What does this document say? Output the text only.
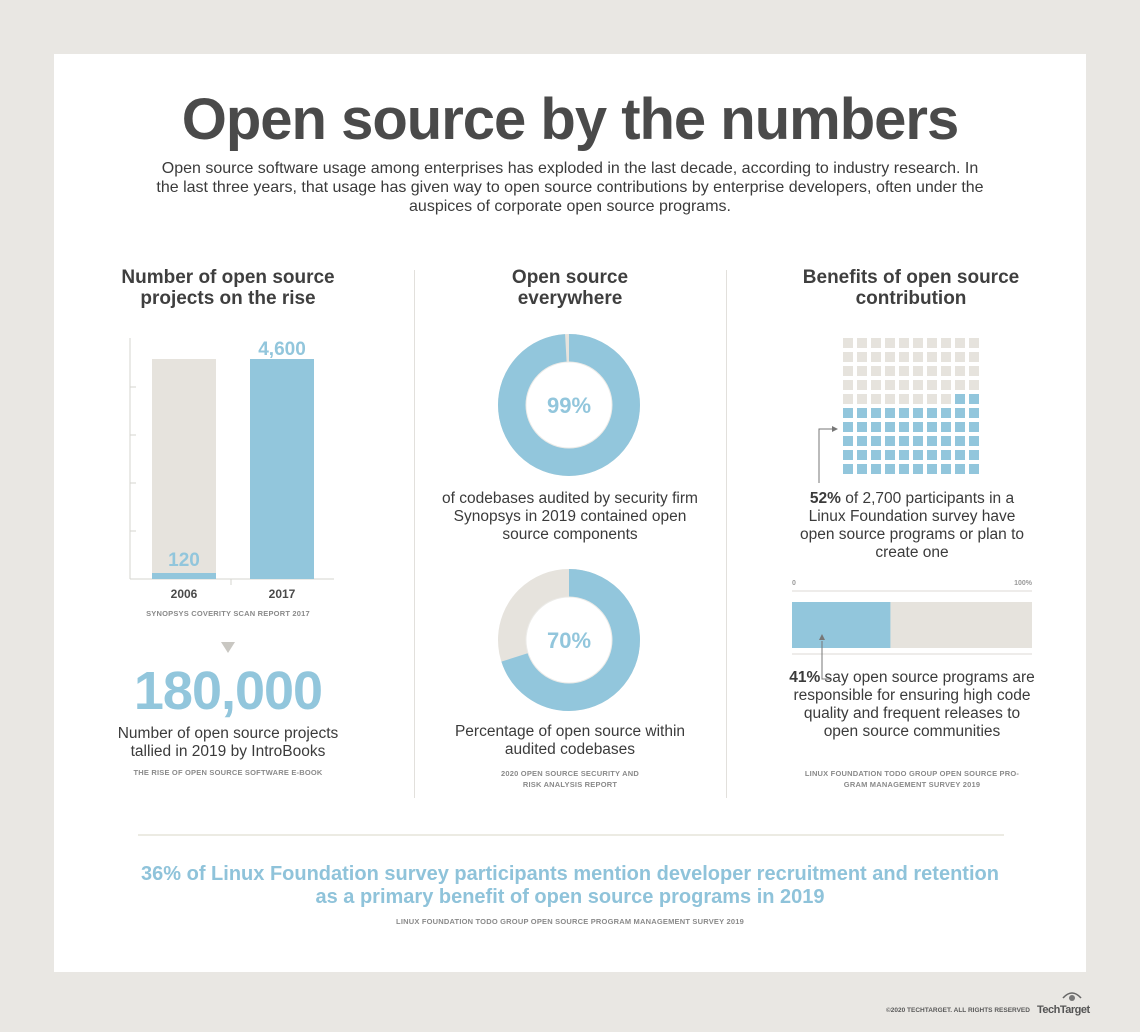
Open source by the numbers
Open source software usage among enterprises has exploded in the last decade, according to industry research. In the last three years, that usage has given way to open source contributions by enterprise developers, often under the auspices of corporate open source programs.
Number of open source projects on the rise
120
2006
4,600
2017
SYNOPSYS COVERITY SCAN REPORT 2017
180,000
Number of open source projects tallied in 2019 by IntroBooks
THE RISE OF OPEN SOURCE SOFTWARE E-BOOK
Open source everywhere
99%
of codebases audited by security firm Synopsys in 2019 contained open source components
70%
Percentage of open source within audited codebases
2020 OPEN SOURCE SECURITY AND RISK ANALYSIS REPORT
Benefits of open source contribution
52% of 2,700 participants in a Linux Foundation survey have open source programs or plan to create one
0	100%
41% say open source programs are responsible for ensuring high code quality and frequent releases to open source communities
LINUX FOUNDATION TODO GROUP OPEN SOURCE PRO- GRAM MANAGEMENT SURVEY 2019
36% of Linux Foundation survey participants mention developer recruitment and retention as a primary benefit of open source programs in 2019
LINUX FOUNDATION TODO GROUP OPEN SOURCE PROGRAM MANAGEMENT SURVEY 2019
©2020 TECHTARGET. ALL RIGHTS RESERVED TechTarget
